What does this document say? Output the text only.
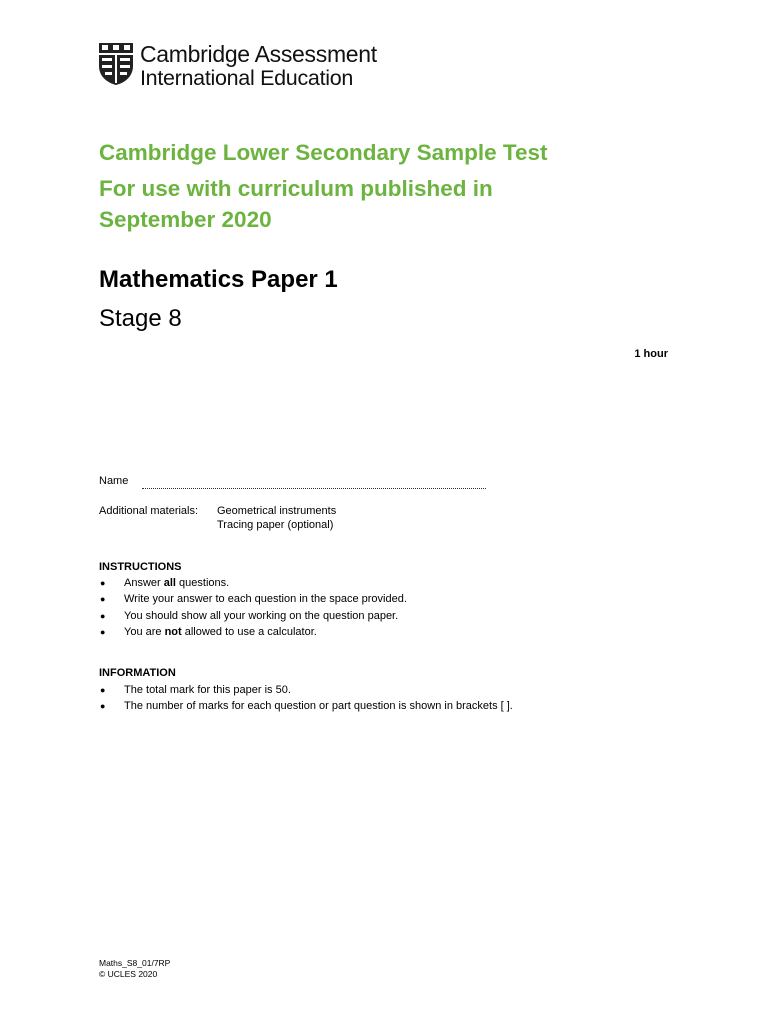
Cambridge Assessment
International Education
Cambridge Lower Secondary Sample Test
For use with curriculum published in
September 2020
Mathematics Paper 1
Stage 8
1 hour
Name
Additional materials: Geometrical instruments
Tracing paper (optional)
INSTRUCTIONS
● Answer all questions.
● Write your answer to each question in the space provided.
● You should show all your working on the question paper.
● You are not allowed to use a calculator.
INFORMATION
● The total mark for this paper is 50.
● The number of marks for each question or part question is shown in brackets [ ].
Maths_S8_01/7RP
© UCLES 2020
